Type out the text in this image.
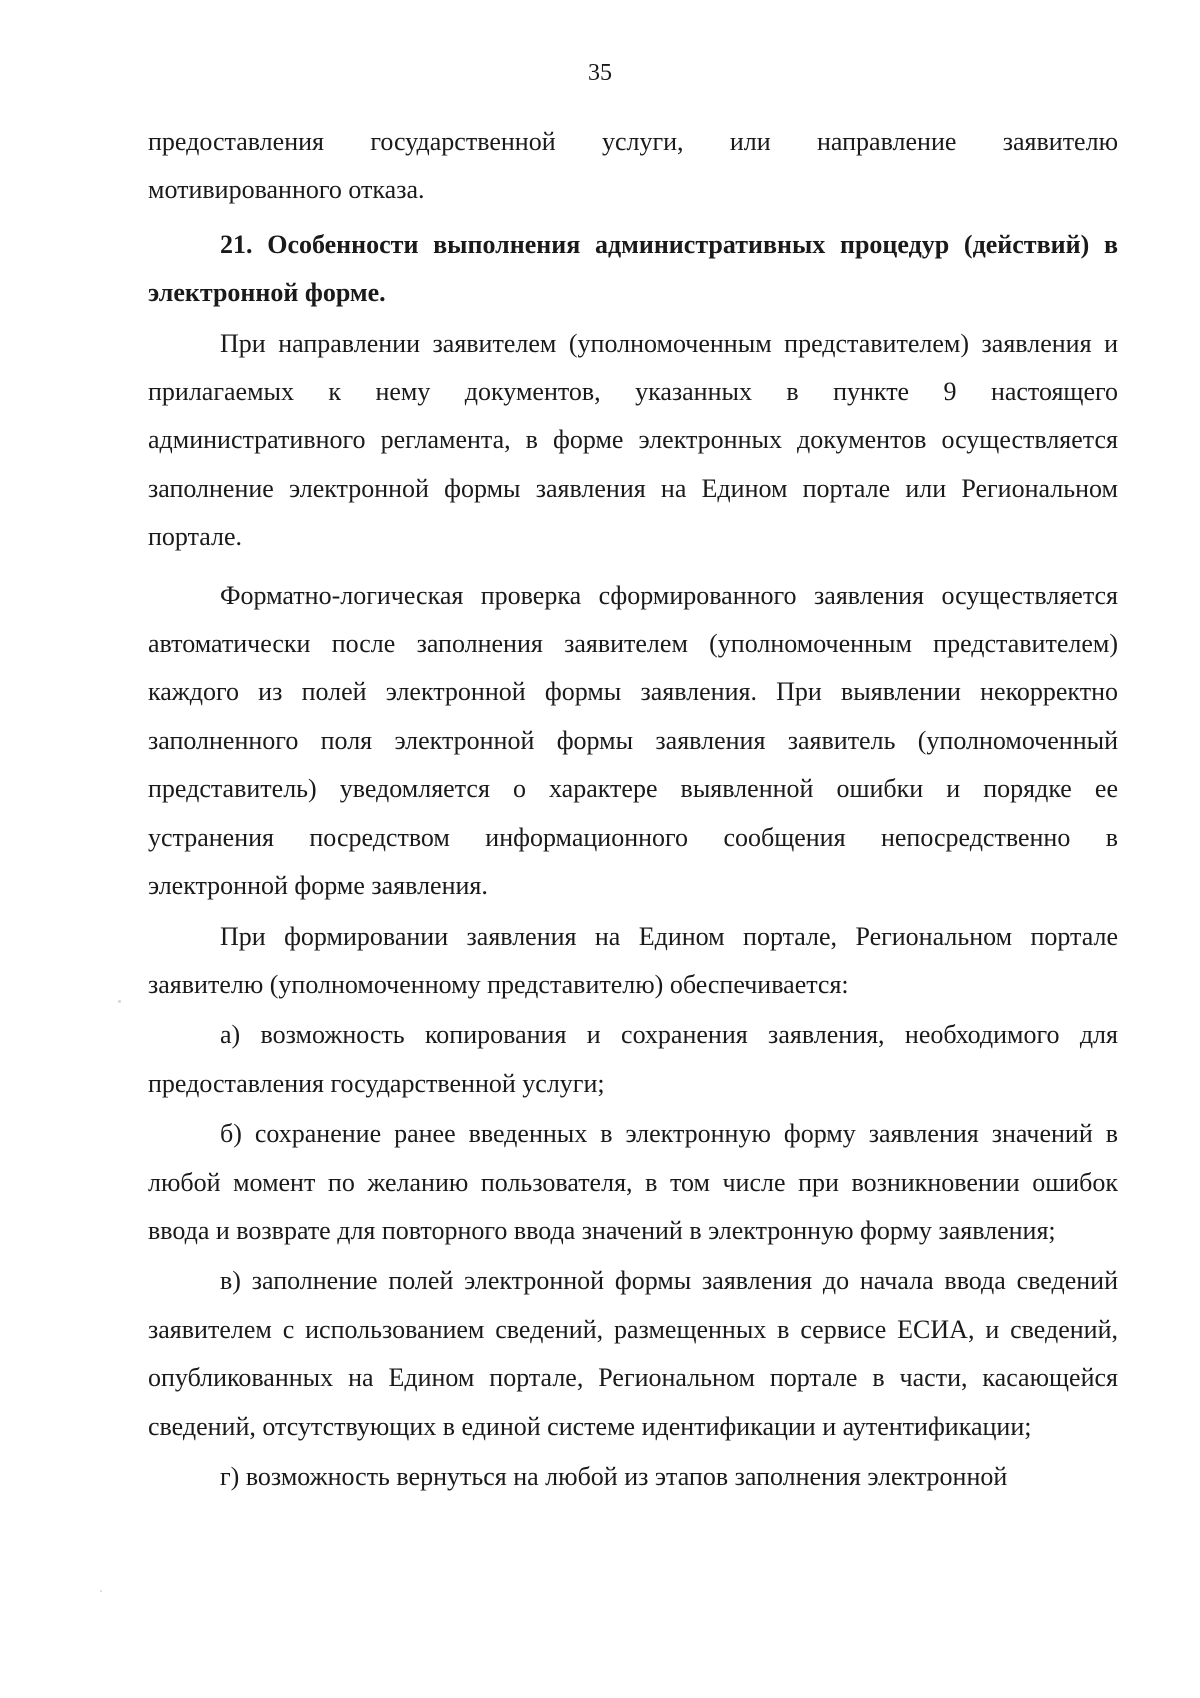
35

предоставления государственной услуги, или направление заявителю мотивированного отказа.

21. Особенности выполнения административных процедур (действий) в электронной форме.

При направлении заявителем (уполномоченным представителем) заявления и прилагаемых к нему документов, указанных в пункте 9 настоящего административного регламента, в форме электронных документов осуществляется заполнение электронной формы заявления на Едином портале или Региональном портале.

Форматно-логическая проверка сформированного заявления осуществляется автоматически после заполнения заявителем (уполномоченным представителем) каждого из полей электронной формы заявления. При выявлении некорректно заполненного поля электронной формы заявления заявитель (уполномоченный представитель) уведомляется о характере выявленной ошибки и порядке ее устранения посредством информационного сообщения непосредственно в электронной форме заявления.

При формировании заявления на Едином портале, Региональном портале заявителю (уполномоченному представителю) обеспечивается:

а) возможность копирования и сохранения заявления, необходимого для предоставления государственной услуги;

б) сохранение ранее введенных в электронную форму заявления значений в любой момент по желанию пользователя, в том числе при возникновении ошибок ввода и возврате для повторного ввода значений в электронную форму заявления;

в) заполнение полей электронной формы заявления до начала ввода сведений заявителем с использованием сведений, размещенных в сервисе ЕСИА, и сведений, опубликованных на Едином портале, Региональном портале в части, касающейся сведений, отсутствующих в единой системе идентификации и аутентификации;

г) возможность вернуться на любой из этапов заполнения электронной
